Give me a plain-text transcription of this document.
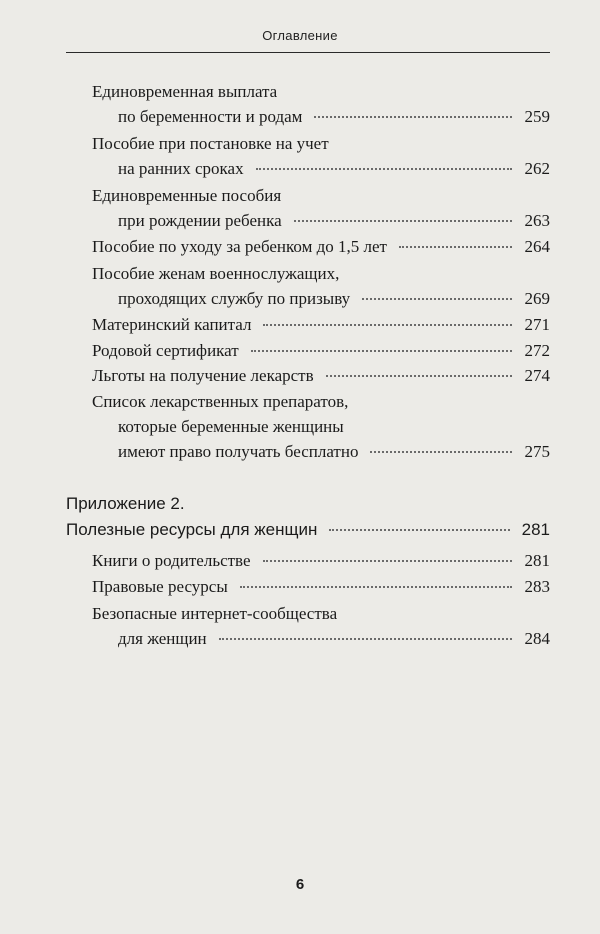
Оглавление
Единовременная выплата
по беременности и родам	259
Пособие при постановке на учет
на ранних сроках	262
Единовременные пособия
при рождении ребенка	263
Пособие по уходу за ребенком до 1,5 лет	264
Пособие женам военнослужащих,
проходящих службу по призыву	269
Материнский капитал	271
Родовой сертификат	272
Льготы на получение лекарств	274
Список лекарственных препаратов,
которые беременные женщины
имеют право получать бесплатно	275
Приложение 2.
Полезные ресурсы для женщин	281
Книги о родительстве	281
Правовые ресурсы	283
Безопасные интернет-сообщества
для женщин	284
6
